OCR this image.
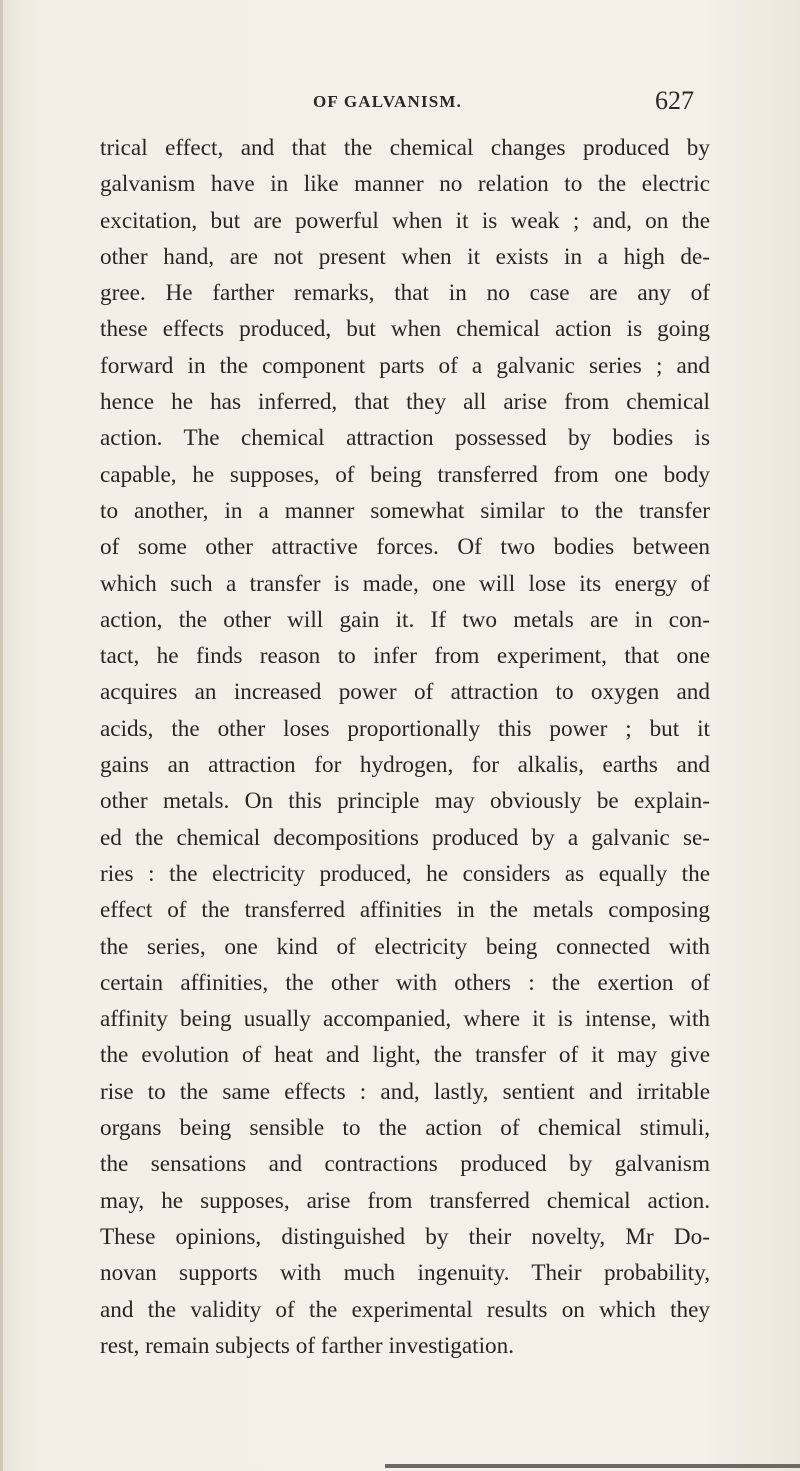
OF GALVANISM.	627
trical effect, and that the chemical changes produced by
galvanism have in like manner no relation to the electric
excitation, but are powerful when it is weak ; and, on the
other hand, are not present when it exists in a high de-
gree. He farther remarks, that in no case are any of
these effects produced, but when chemical action is going
forward in the component parts of a galvanic series ; and
hence he has inferred, that they all arise from chemical
action. The chemical attraction possessed by bodies is
capable, he supposes, of being transferred from one body
to another, in a manner somewhat similar to the transfer
of some other attractive forces. Of two bodies between
which such a transfer is made, one will lose its energy of
action, the other will gain it. If two metals are in con-
tact, he finds reason to infer from experiment, that one
acquires an increased power of attraction to oxygen and
acids, the other loses proportionally this power ; but it
gains an attraction for hydrogen, for alkalis, earths and
other metals. On this principle may obviously be explain-
ed the chemical decompositions produced by a galvanic se-
ries : the electricity produced, he considers as equally the
effect of the transferred affinities in the metals composing
the series, one kind of electricity being connected with
certain affinities, the other with others : the exertion of
affinity being usually accompanied, where it is intense, with
the evolution of heat and light, the transfer of it may give
rise to the same effects : and, lastly, sentient and irritable
organs being sensible to the action of chemical stimuli,
the sensations and contractions produced by galvanism
may, he supposes, arise from transferred chemical action.
These opinions, distinguished by their novelty, Mr Do-
novan supports with much ingenuity. Their probability,
and the validity of the experimental results on which they
rest, remain subjects of farther investigation.
